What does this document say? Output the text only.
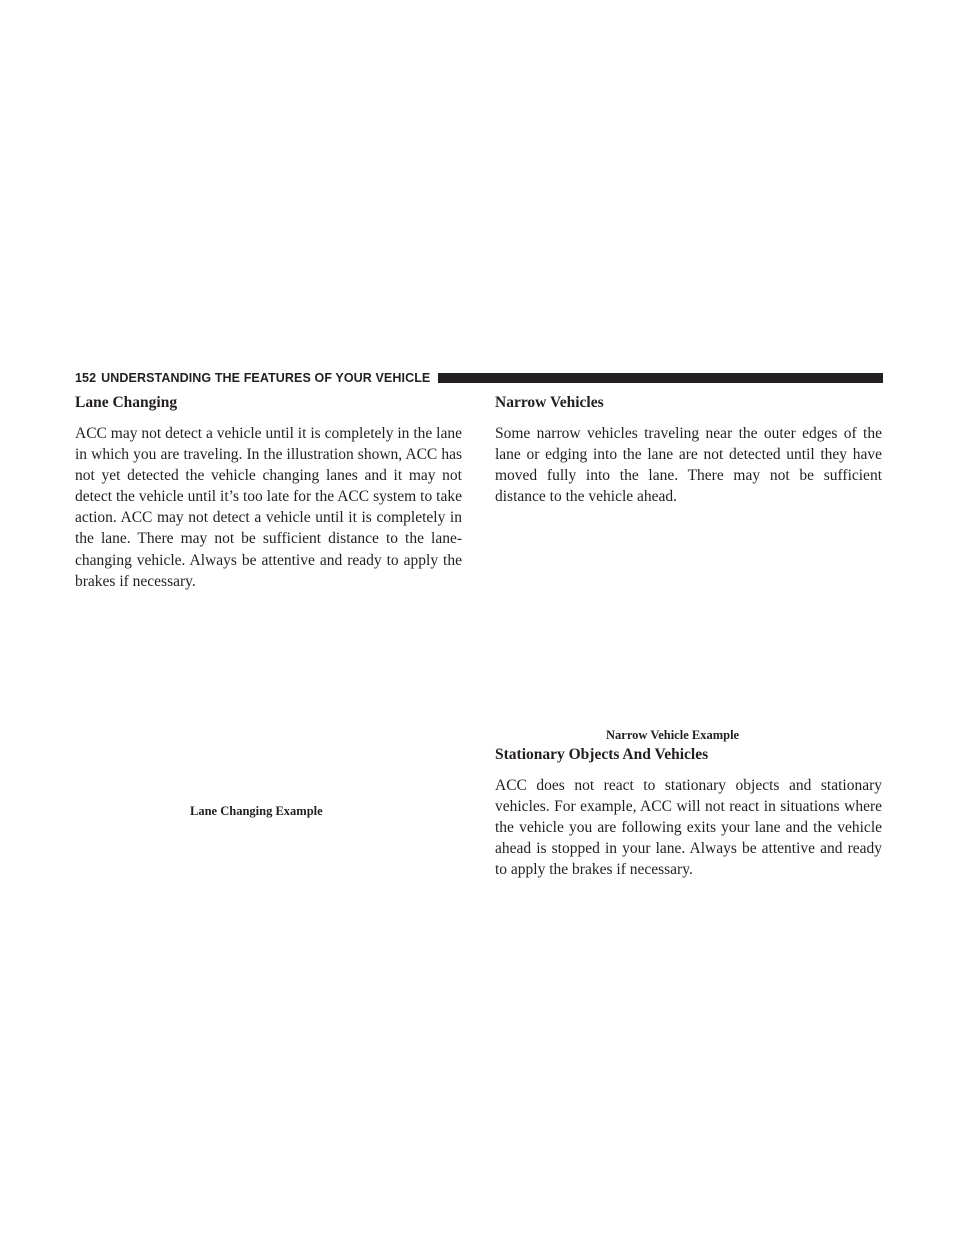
152 UNDERSTANDING THE FEATURES OF YOUR VEHICLE
Lane Changing

ACC may not detect a vehicle until it is completely in the lane in which you are traveling. In the illustration shown, ACC has not yet detected the vehicle changing lanes and it may not detect the vehicle until it’s too late for the ACC system to take action. ACC may not detect a vehicle until it is completely in the lane. There may not be sufficient distance to the lane-changing vehicle. Always be attentive and ready to apply the brakes if necessary.

Lane Changing Example
Narrow Vehicles

Some narrow vehicles traveling near the outer edges of the lane or edging into the lane are not detected until they have moved fully into the lane. There may not be sufficient distance to the vehicle ahead.

Narrow Vehicle Example
Stationary Objects And Vehicles

ACC does not react to stationary objects and stationary vehicles. For example, ACC will not react in situations where the vehicle you are following exits your lane and the vehicle ahead is stopped in your lane. Always be attentive and ready to apply the brakes if necessary.
